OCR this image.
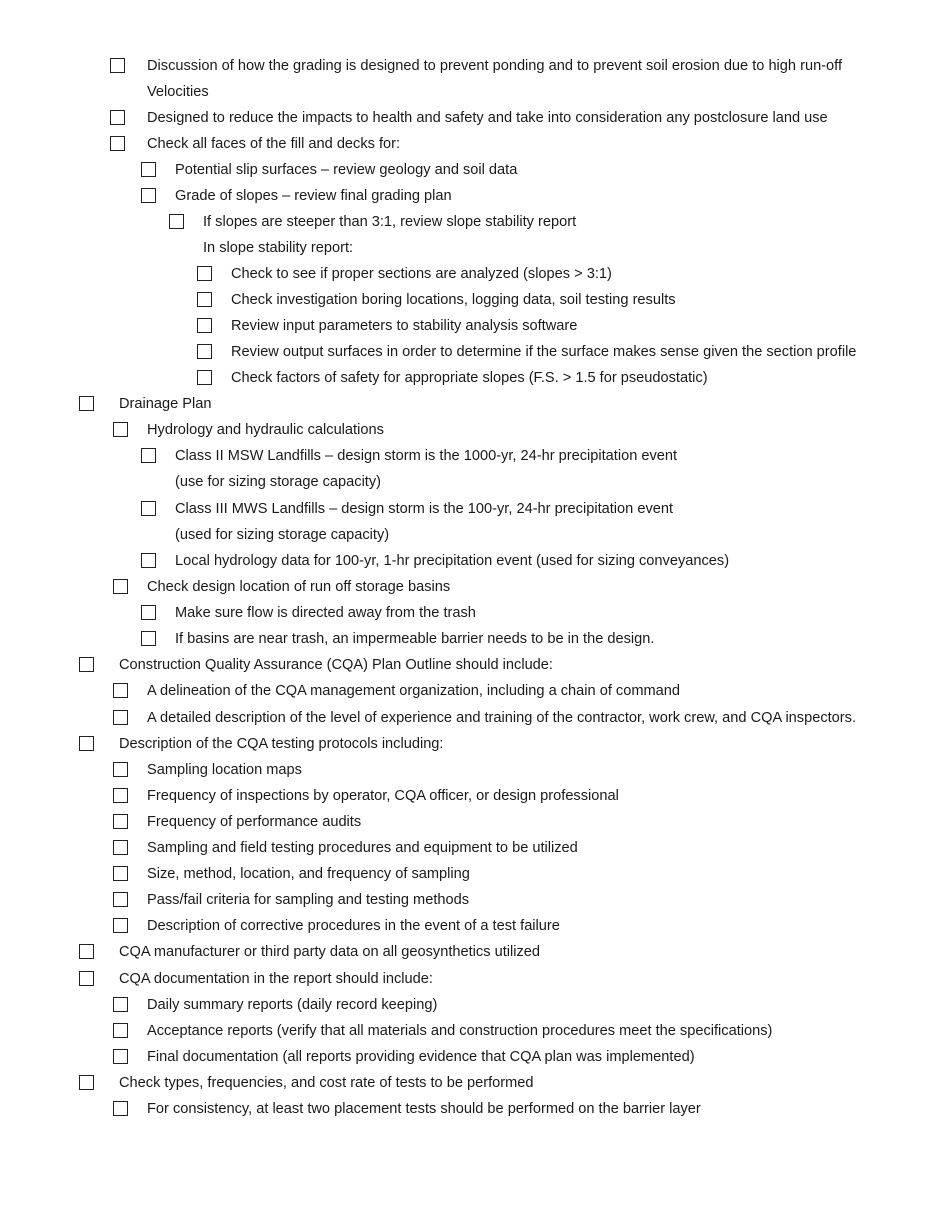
Discussion of how the grading is designed to prevent ponding and to prevent soil erosion due to high run-off
Velocities
Designed to reduce the impacts to health and safety and take into consideration any postclosure land use
Check all faces of the fill and decks for:
Potential slip surfaces – review geology and soil data
Grade of slopes – review final grading plan
If slopes are steeper than 3:1, review slope stability report
In slope stability report:
Check to see if proper sections are analyzed (slopes > 3:1)
Check investigation boring locations, logging data, soil testing results
Review input parameters to stability analysis software
Review output surfaces in order to determine if the surface makes sense given the section profile
Check factors of safety for appropriate slopes (F.S. > 1.5 for pseudostatic)
Drainage Plan
Hydrology and hydraulic calculations
Class II MSW Landfills – design storm is the 1000-yr, 24-hr precipitation event
(use for sizing storage capacity)
Class III MWS Landfills – design storm is the 100-yr, 24-hr precipitation event
(used for sizing storage capacity)
Local hydrology data for 100-yr, 1-hr precipitation event (used for sizing conveyances)
Check design location of run off storage basins
Make sure flow is directed away from the trash
If basins are near trash, an impermeable barrier needs to be in the design.
Construction Quality Assurance (CQA) Plan Outline should include:
A delineation of the CQA management organization, including a chain of command
A detailed description of the level of experience and training of the contractor, work crew, and CQA inspectors.
Description of the CQA testing protocols including:
Sampling location maps
Frequency of inspections by operator, CQA officer, or design professional
Frequency of performance audits
Sampling and field testing procedures and equipment to be utilized
Size, method, location, and frequency of sampling
Pass/fail criteria for sampling and testing methods
Description of corrective procedures in the event of a test failure
CQA manufacturer or third party data on all geosynthetics utilized
CQA documentation in the report should include:
Daily summary reports (daily record keeping)
Acceptance reports (verify that all materials and construction procedures meet the specifications)
Final documentation (all reports providing evidence that CQA plan was implemented)
Check types, frequencies, and cost rate of tests to be performed
For consistency, at least two placement tests should be performed on the barrier layer
